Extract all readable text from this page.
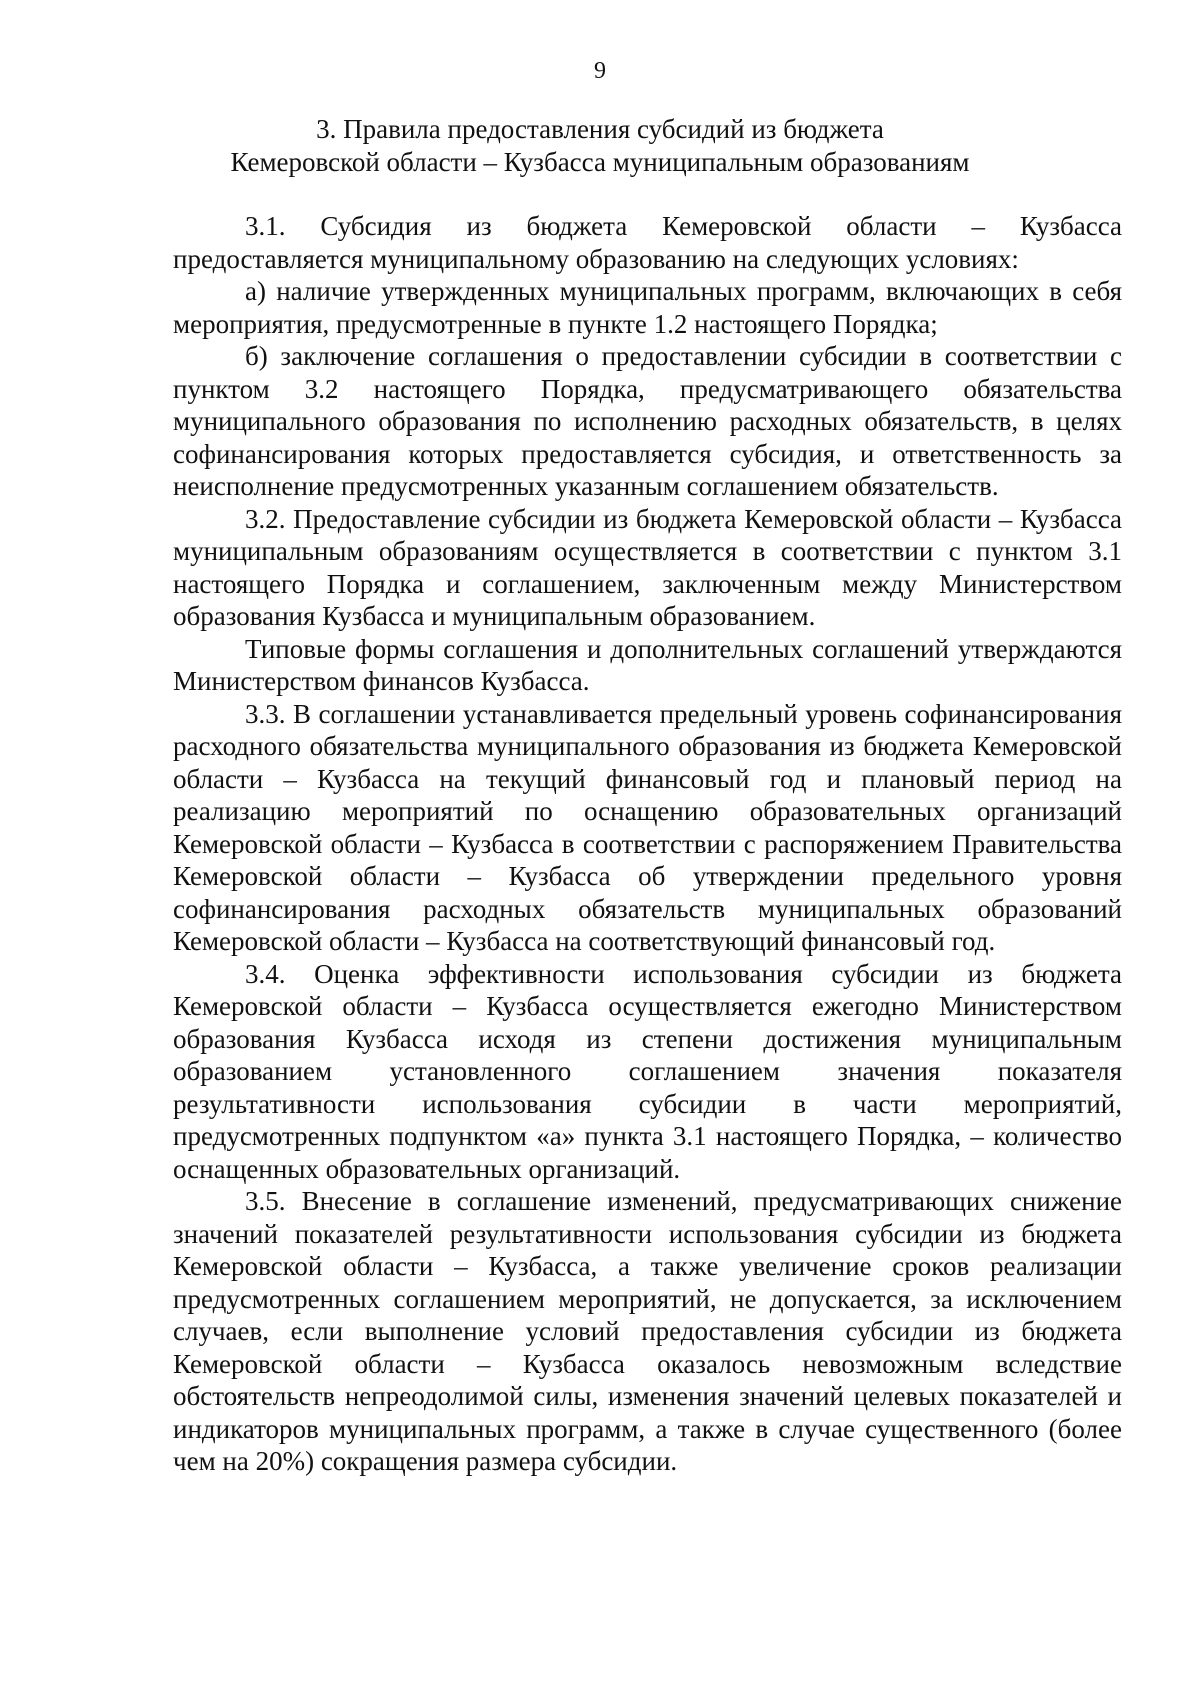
9
3. Правила предоставления субсидий из бюджета
Кемеровской области – Кузбасса муниципальным образованиям

3.1. Субсидия из бюджета Кемеровской области – Кузбасса предоставляется муниципальному образованию на следующих условиях:

а) наличие утвержденных муниципальных программ, включающих в себя мероприятия, предусмотренные в пункте 1.2 настоящего Порядка;

б) заключение соглашения о предоставлении субсидии в соответствии с пунктом 3.2 настоящего Порядка, предусматривающего обязательства муниципального образования по исполнению расходных обязательств, в целях софинансирования которых предоставляется субсидия, и ответственность за неисполнение предусмотренных указанным соглашением обязательств.

3.2. Предоставление субсидии из бюджета Кемеровской области – Кузбасса муниципальным образованиям осуществляется в соответствии с пунктом 3.1 настоящего Порядка и соглашением, заключенным между Министерством образования Кузбасса и муниципальным образованием.

Типовые формы соглашения и дополнительных соглашений утверждаются Министерством финансов Кузбасса.

3.3. В соглашении устанавливается предельный уровень софинансирования расходного обязательства муниципального образования из бюджета Кемеровской области – Кузбасса на текущий финансовый год и плановый период на реализацию мероприятий по оснащению образовательных организаций Кемеровской области – Кузбасса в соответствии с распоряжением Правительства Кемеровской области – Кузбасса об утверждении предельного уровня софинансирования расходных обязательств муниципальных образований Кемеровской области – Кузбасса на соответствующий финансовый год.

3.4. Оценка эффективности использования субсидии из бюджета Кемеровской области – Кузбасса осуществляется ежегодно Министерством образования Кузбасса исходя из степени достижения муниципальным образованием установленного соглашением значения показателя результативности использования субсидии в части мероприятий, предусмотренных подпунктом «а» пункта 3.1 настоящего Порядка, – количество оснащенных образовательных организаций.

3.5. Внесение в соглашение изменений, предусматривающих снижение значений показателей результативности использования субсидии из бюджета Кемеровской области – Кузбасса, а также увеличение сроков реализации предусмотренных соглашением мероприятий, не допускается, за исключением случаев, если выполнение условий предоставления субсидии из бюджета Кемеровской области – Кузбасса оказалось невозможным вследствие обстоятельств непреодолимой силы, изменения значений целевых показателей и индикаторов муниципальных программ, а также в случае существенного (более чем на 20%) сокращения размера субсидии.
